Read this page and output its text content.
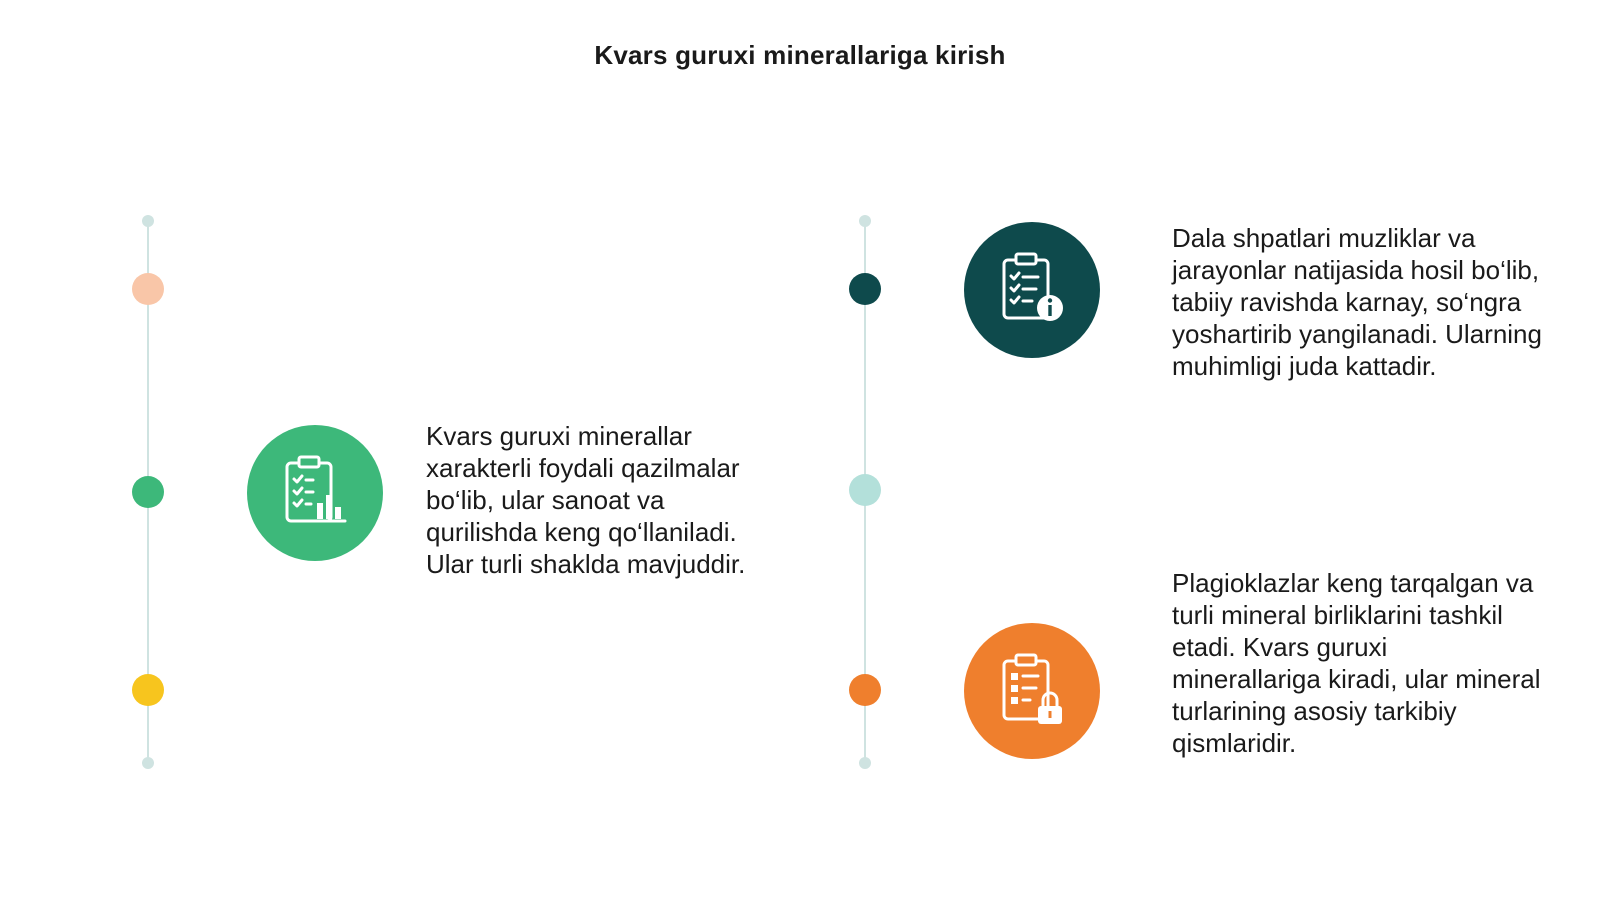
Kvars guruxi minerallariga kirish
Kvars guruxi minerallar xarakterli foydali qazilmalar bo‘lib, ular sanoat va qurilishda keng qo‘llaniladi. Ular turli shaklda mavjuddir.
Dala shpatlari muzliklar va jarayonlar natijasida hosil bo‘lib, tabiiy ravishda karnay, so‘ngra yoshartirib yangilanadi. Ularning muhimligi juda kattadir.
Plagioklazlar keng tarqalgan va turli mineral birliklarini tashkil etadi. Kvars guruxi minerallariga kiradi, ular mineral turlarining asosiy tarkibiy qismlaridir.
